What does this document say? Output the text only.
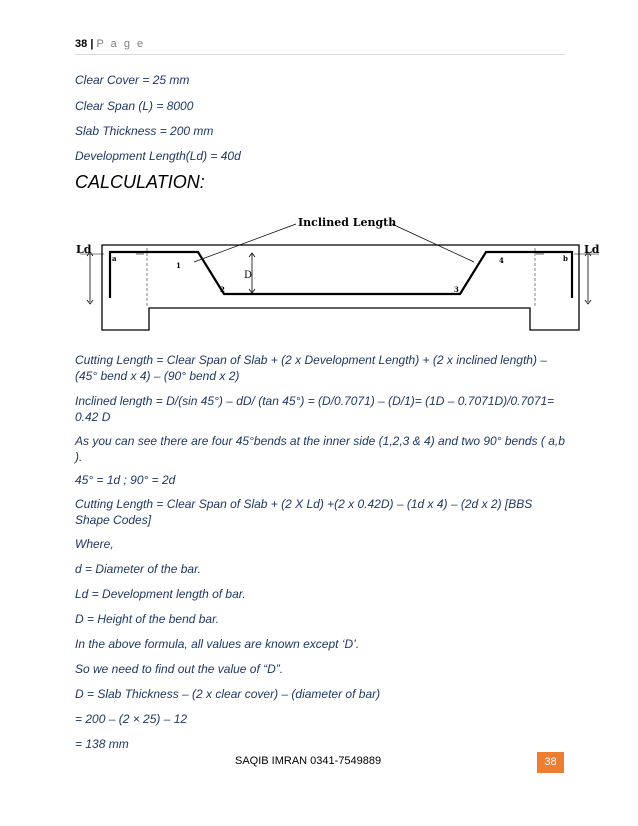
38 | P a g e

Clear Cover = 25 mm

Clear Span (L) = 8000

Slab Thickness = 200 mm

Development Length(Ld) = 40d

CALCULATION:
Inclined Length
Ld	Ld
a	b
1
2	3
4
D

Cutting Length = Clear Span of Slab + (2 x Development Length) + (2 x inclined length) – (45° bend x 4) – (90° bend x 2)

Inclined length = D/(sin 45°) – dD/ (tan 45°) = (D/0.7071) – (D/1)= (1D – 0.7071D)/0.7071= 0.42 D

As you can see there are four 45°bends at the inner side (1,2,3 & 4) and two 90° bends ( a,b ).

45° = 1d ; 90° = 2d

Cutting Length = Clear Span of Slab + (2 X Ld) +(2 x 0.42D) – (1d x 4) – (2d x 2) [BBS Shape Codes]

Where,

d = Diameter of the bar.

Ld = Development length of bar.

D = Height of the bend bar.

In the above formula, all values are known except ‘D’.

So we need to find out the value of “D”.

D = Slab Thickness – (2 x clear cover) – (diameter of bar)

= 200 – (2 × 25) – 12

= 138 mm

SAQIB IMRAN 0341-7549889	38
